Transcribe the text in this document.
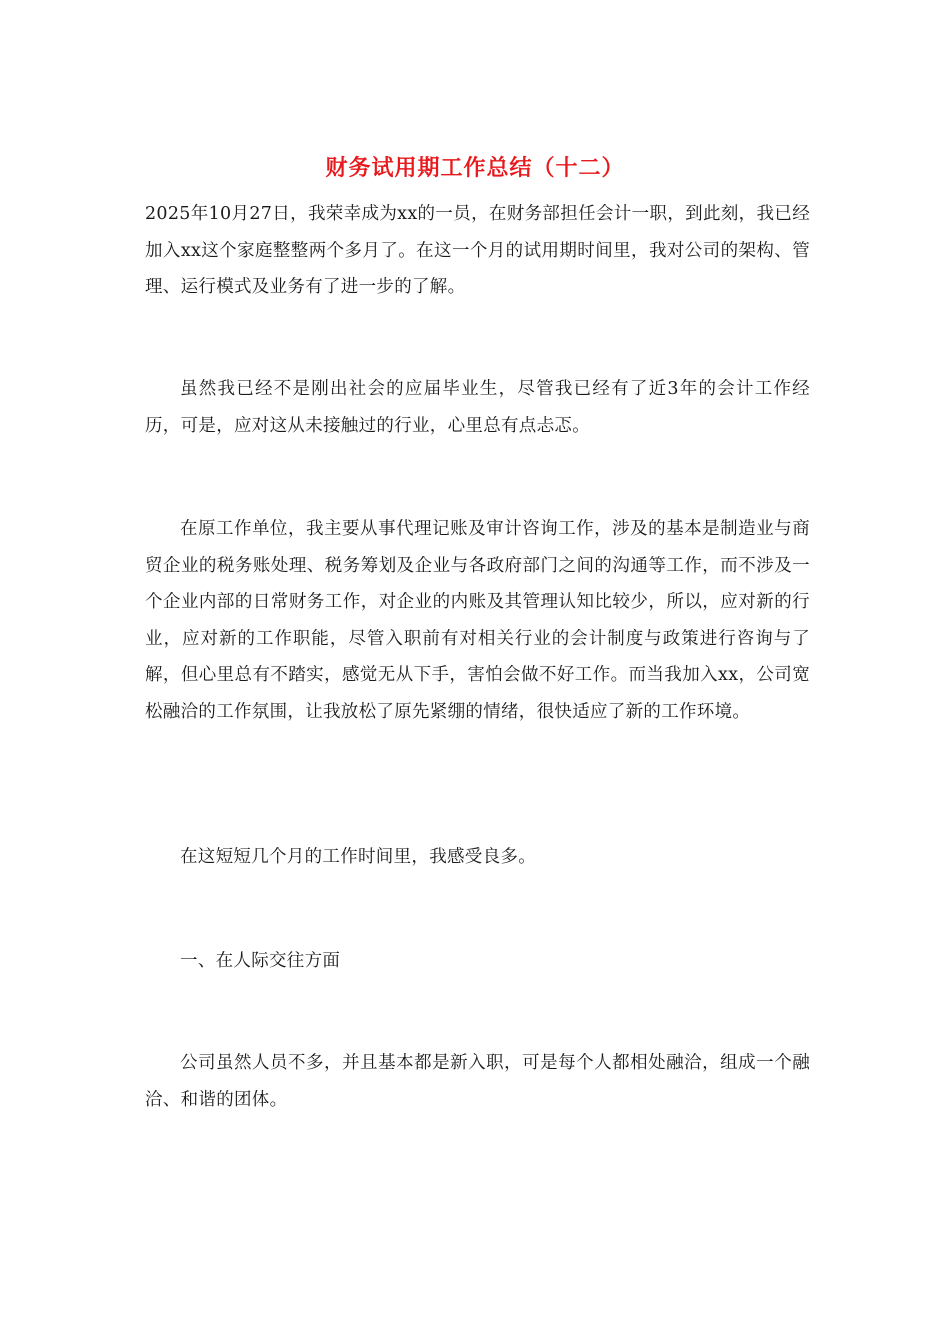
财务试用期工作总结（十二）

2025年10月27日，我荣幸成为xx的一员，在财务部担任会计一职，到此刻，我已经加入xx这个家庭整整两个多月了。在这一个月的试用期时间里，我对公司的架构、管理、运行模式及业务有了进一步的了解。

虽然我已经不是刚出社会的应届毕业生，尽管我已经有了近3年的会计工作经历，可是，应对这从未接触过的行业，心里总有点忐忑。

在原工作单位，我主要从事代理记账及审计咨询工作，涉及的基本是制造业与商贸企业的税务账处理、税务筹划及企业与各政府部门之间的沟通等工作，而不涉及一个企业内部的日常财务工作，对企业的内账及其管理认知比较少，所以，应对新的行业，应对新的工作职能，尽管入职前有对相关行业的会计制度与政策进行咨询与了解，但心里总有不踏实，感觉无从下手，害怕会做不好工作。而当我加入xx，公司宽松融洽的工作氛围，让我放松了原先紧绷的情绪，很快适应了新的工作环境。

在这短短几个月的工作时间里，我感受良多。

一、在人际交往方面

公司虽然人员不多，并且基本都是新入职，可是每个人都相处融洽，组成一个融洽、和谐的团体。
